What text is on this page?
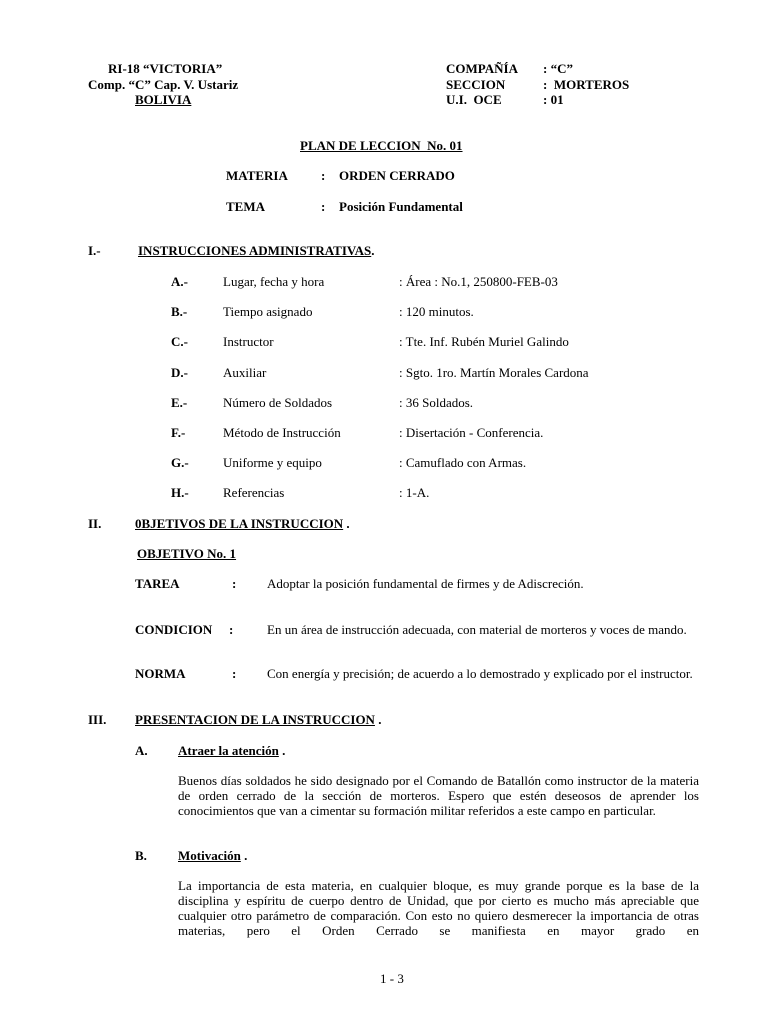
RI-18 “VICTORIA”
Comp. “C” Cap. V. Ustariz
BOLIVIA
COMPAÑÍA : “C”
SECCION	:  MORTEROS
U.I.  OCE	: 01
PLAN DE LECCION  No. 01
MATERIA	: ORDEN CERRADO
TEMA	: Posición Fundamental
I.-	INSTRUCCIONES ADMINISTRATIVAS.
A.-	Lugar, fecha y hora	: Área : No.1, 250800-FEB-03
B.-	Tiempo asignado	: 120 minutos.
C.-	Instructor	: Tte. Inf. Rubén Muriel Galindo
D.-	Auxiliar	: Sgto. 1ro. Martín Morales Cardona
E.-	Número de Soldados	: 36 Soldados.
F.-	Método de Instrucción	: Disertación - Conferencia.
G.-	Uniforme y equipo	: Camuflado con Armas.
H.-	Referencias	: 1-A.
II.	0BJETIVOS DE LA INSTRUCCION .
OBJETIVO No. 1
TAREA	: Adoptar la posición fundamental de firmes y de Adiscreción.
CONDICION :	En un área de instrucción adecuada, con material de morteros y voces de mando.
NORMA	: Con energía y precisión; de acuerdo a lo demostrado y explicado por el instructor.
III. PRESENTACION DE LA INSTRUCCION .
A. Atraer la atención .
Buenos días soldados he sido designado por el Comando de Batallón como instructor de la materia de orden cerrado de la sección de morteros. Espero que estén deseosos de aprender los conocimientos que van a cimentar su formación militar referidos a este campo en particular.
B. Motivación .
La importancia de esta materia, en cualquier bloque, es muy grande porque es la base de la disciplina y espíritu de cuerpo dentro de Unidad, que por cierto es mucho más apreciable que cualquier otro parámetro de comparación. Con esto no quiero desmerecer la importancia de otras materias, pero el Orden Cerrado se manifiesta en mayor grado en
1 - 3
